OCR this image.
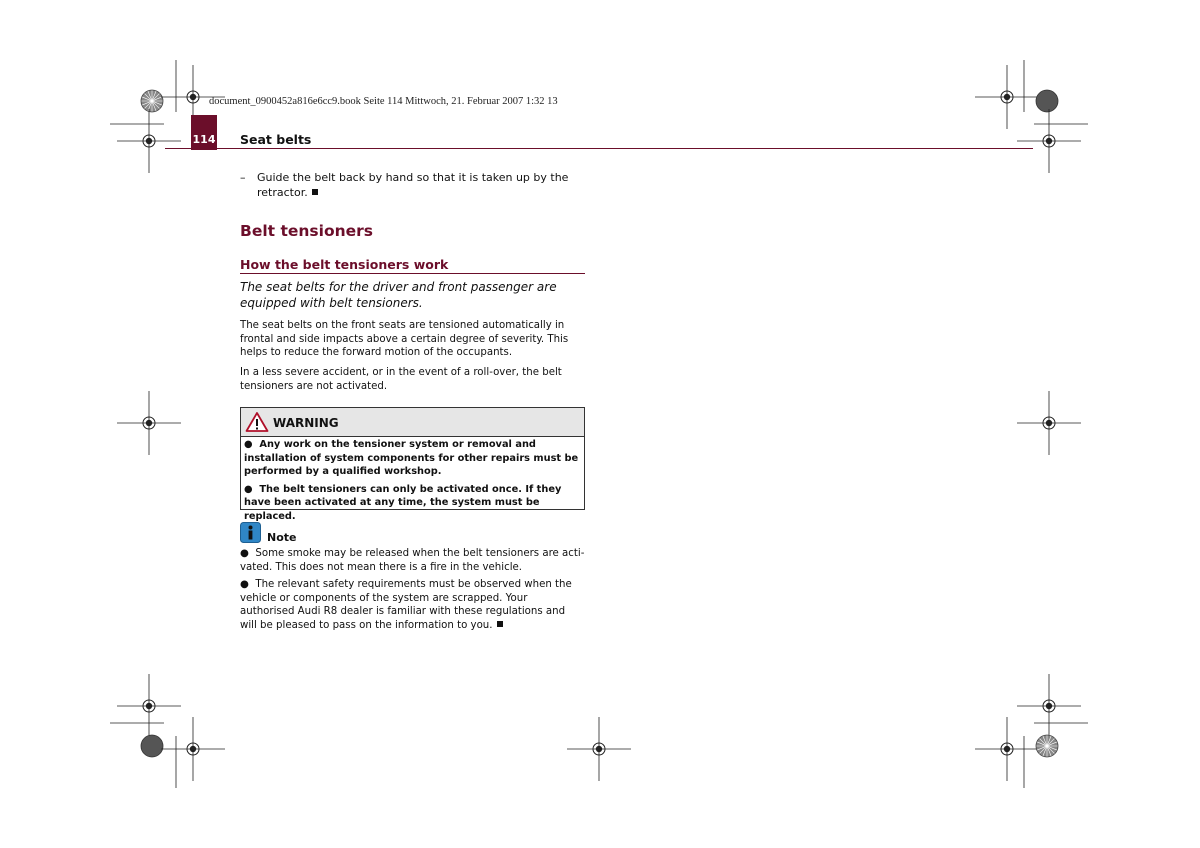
document_0900452a816e6cc9.book Seite 114 Mittwoch, 21. Februar 2007 1:32 13
114 Seat belts
– Guide the belt back by hand so that it is taken up by the retractor.
Belt tensioners
How the belt tensioners work
The seat belts for the driver and front passenger are equipped with belt tensioners.
The seat belts on the front seats are tensioned automatically in frontal and side impacts above a certain degree of severity. This helps to reduce the forward motion of the occupants.
In a less severe accident, or in the event of a roll-over, the belt tensioners are not activated.
WARNING

●  Any work on the tensioner system or removal and installation of system components for other repairs must be performed by a qualified workshop.

●  The belt tensioners can only be activated once. If they have been activated at any time, the system must be replaced.

Note

●  Some smoke may be released when the belt tensioners are acti-vated. This does not mean there is a fire in the vehicle.

●  The relevant safety requirements must be observed when the vehicle or components of the system are scrapped. Your authorised Audi R8 dealer is familiar with these regulations and will be pleased to pass on the information to you.
